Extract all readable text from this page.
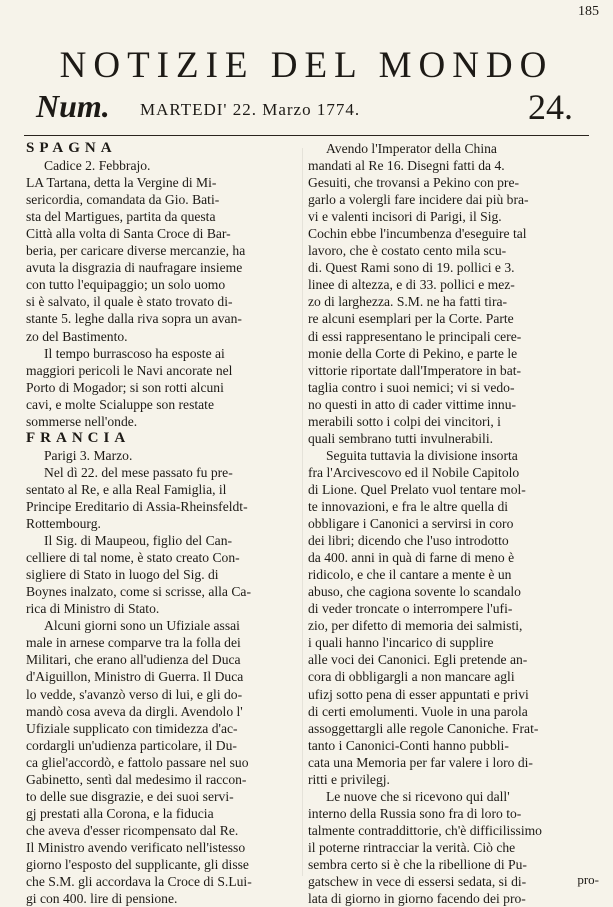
185
NOTIZIE DEL MONDO
Num. MARTEDI' 22. Marzo 1774.	24.
SPAGNA
Cadice 2. Febbrajo.
LA Tartana, detta la Vergine di Mi-
sericordia, comandata da Gio. Bati-
sta del Martigues, partita da questa
Città alla volta di Santa Croce di Bar-
beria, per caricare diverse mercanzie, ha
avuta la disgrazia di naufragare insieme
con tutto l'equipaggio; un solo uomo
si è salvato, il quale è stato trovato di-
stante 5. leghe dalla riva sopra un avan-
zo del Bastimento.
Il tempo burrascoso ha esposte ai
maggiori pericoli le Navi ancorate nel
Porto di Mogador; si son rotti alcuni
cavi, e molte Scialuppe son restate
sommerse nell'onde.
FRANCIA
Parigi 3. Marzo.
Nel dì 22. del mese passato fu pre-
sentato al Re, e alla Real Famiglia, il
Principe Ereditario di Assia-Rheinsfeldt-
Rottembourg.
Il Sig. di Maupeou, figlio del Can-
celliere di tal nome, è stato creato Con-
sigliere di Stato in luogo del Sig. di
Boynes inalzato, come si scrisse, alla Ca-
rica di Ministro di Stato.
Alcuni giorni sono un Ufiziale assai
male in arnese comparve tra la folla dei
Militari, che erano all'udienza del Duca
d'Aiguillon, Ministro di Guerra. Il Duca
lo vedde, s'avanzò verso di lui, e gli do-
mandò cosa aveva da dirgli. Avendolo l'
Ufiziale supplicato con timidezza d'ac-
cordargli un'udienza particolare, il Du-
ca gliel'accordò, e fattolo passare nel suo
Gabinetto, sentì dal medesimo il raccon-
to delle sue disgrazie, e dei suoi servi-
gj prestati alla Corona, e la fiducia
che aveva d'esser ricompensato dal Re.
Il Ministro avendo verificato nell'istesso
giorno l'esposto del supplicante, gli disse
che S.M. gli accordava la Croce di S.Lui-
gi con 400. lire di pensione.
Avendo l'Imperator della China
mandati al Re 16. Disegni fatti da 4.
Gesuiti, che trovansi a Pekino con pre-
garlo a volergli fare incidere dai più bra-
vi e valenti incisori di Parigi, il Sig.
Cochin ebbe l'incumbenza d'eseguire tal
lavoro, che è costato cento mila scu-
di. Quest Rami sono di 19. pollici e 3.
linee di altezza, e di 33. pollici e mez-
zo di larghezza. S.M. ne ha fatti tira-
re alcuni esemplari per la Corte. Parte
di essi rappresentano le principali cere-
monie della Corte di Pekino, e parte le
vittorie riportate dall'Imperatore in bat-
taglia contro i suoi nemici; vi si vedo-
no questi in atto di cader vittime innu-
merabili sotto i colpi dei vincitori, i
quali sembrano tutti invulnerabili.
Seguita tuttavia la divisione insorta
fra l'Arcivescovo ed il Nobile Capitolo
di Lione. Quel Prelato vuol tentare mol-
te innovazioni, e fra le altre quella di
obbligare i Canonici a servirsi in coro
dei libri; dicendo che l'uso introdotto
da 400. anni in quà di farne di meno è
ridicolo, e che il cantare a mente è un
abuso, che cagiona sovente lo scandalo
di veder troncate o interrompere l'ufi-
zio, per difetto di memoria dei salmisti,
i quali hanno l'incarico di supplire
alle voci dei Canonici. Egli pretende an-
cora di obbligargli a non mancare agli
ufizj sotto pena di esser appuntati e privi
di certi emolumenti. Vuole in una parola
assoggettargli alle regole Canoniche. Frat-
tanto i Canonici-Conti hanno pubbli-
cata una Memoria per far valere i loro di-
ritti e privilegj.
Le nuove che si ricevono qui dall'
interno della Russia sono fra di loro to-
talmente contraddittorie, ch'è difficilissimo
il poterne rintracciar la verità. Ciò che
sembra certo si è che la ribellione di Pu-
gatschew in vece di essersi sedata, si di-
lata di giorno in giorno facendo dei pro-
pro-
